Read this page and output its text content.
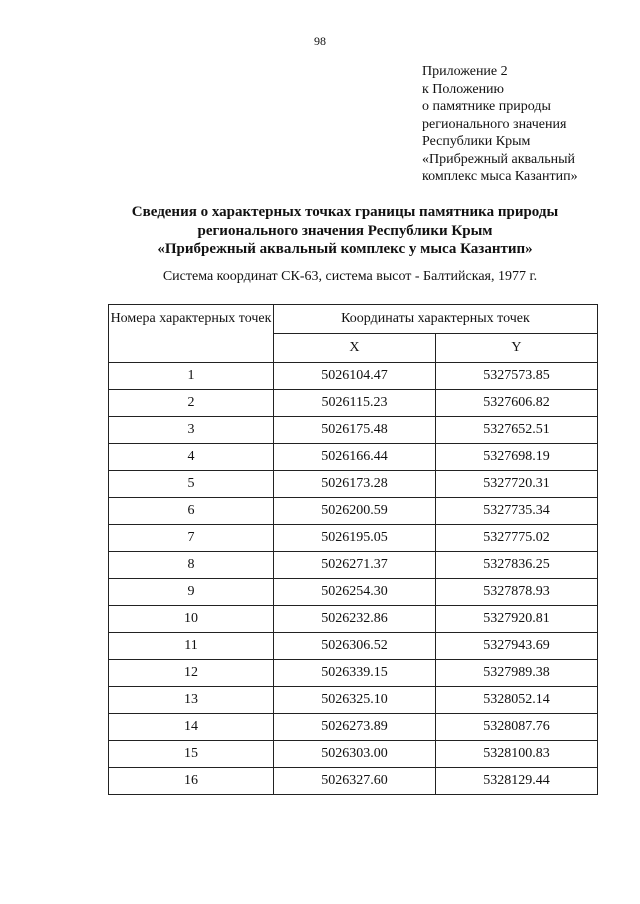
98
Приложение 2
к Положению
о памятнике природы
регионального значения
Республики Крым
«Прибрежный аквальный
комплекс мыса Казантип»
Сведения о характерных точках границы памятника природы
регионального значения Республики Крым
«Прибрежный аквальный комплекс у мыса Казантип»
Система координат СК-63, система высот - Балтийская, 1977 г.
Номера характерных точек	Координаты характерных точек	
	X	Y
1	5026104.47	5327573.85
2	5026115.23	5327606.82
3	5026175.48	5327652.51
4	5026166.44	5327698.19
5	5026173.28	5327720.31
6	5026200.59	5327735.34
7	5026195.05	5327775.02
8	5026271.37	5327836.25
9	5026254.30	5327878.93
10	5026232.86	5327920.81
11	5026306.52	5327943.69
12	5026339.15	5327989.38
13	5026325.10	5328052.14
14	5026273.89	5328087.76
15	5026303.00	5328100.83
16	5026327.60	5328129.44
